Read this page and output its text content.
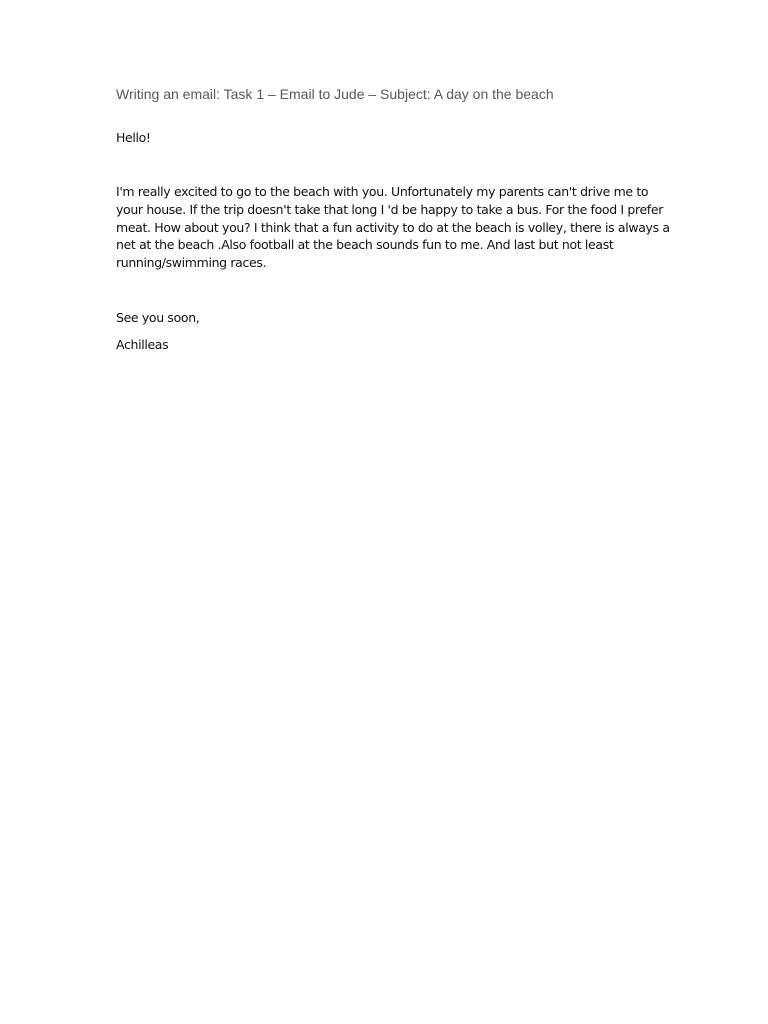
Writing an email: Task 1 – Email to Jude – Subject: A day on the beach
Hello!
I'm really excited to go to the beach with you. Unfortunately my parents can't drive me to
your house. If the trip doesn't take that long I 'd be happy to take a bus. For the food I prefer
meat. How about you? I think that a fun activity to do at the beach is volley, there is always a
net at the beach .Also football at the beach sounds fun to me. And last but not least
running/swimming races.
See you soon,
Achilleas
